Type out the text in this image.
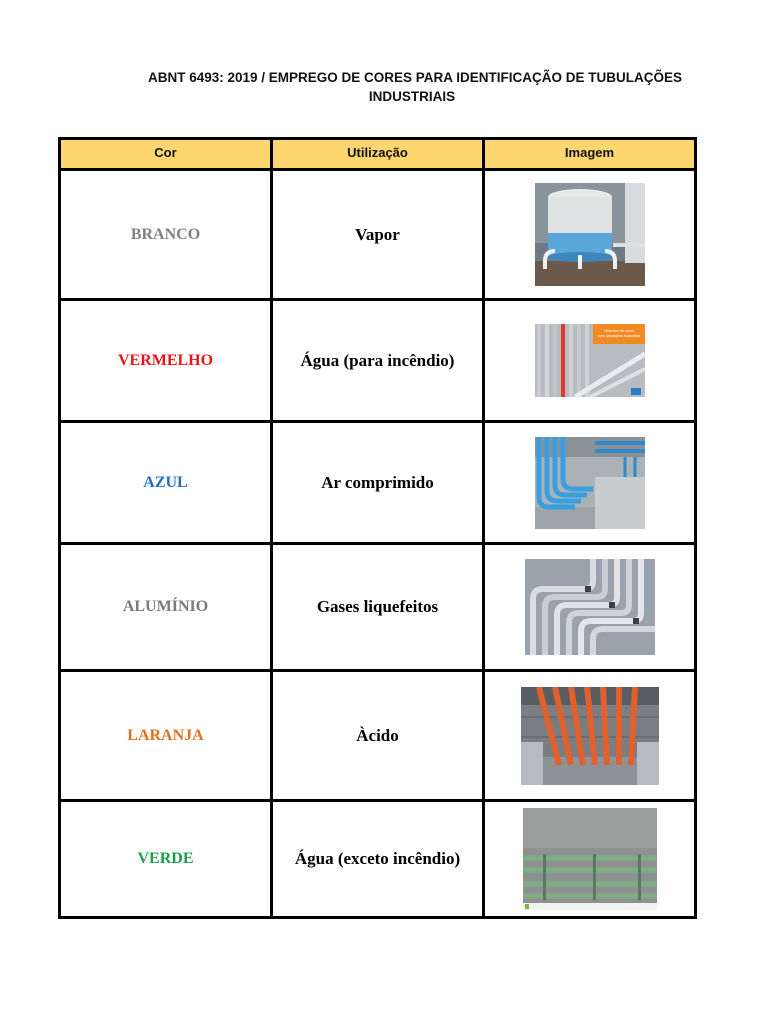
ABNT 6493: 2019 / EMPREGO DE CORES PARA IDENTIFICAÇÃO DE TUBULAÇÕES
INDUSTRIAIS
Cor	Utilização	Imagem
BRANCO	Vapor	

VERMELHO	Água (para incêndio)	Descubra as cores
para tubulações industriais

AZUL	Ar comprimido	

ALUMÍNIO	Gases liquefeitos	

LARANJA	Àcido	

VERDE	Água (exceto incêndio)	
